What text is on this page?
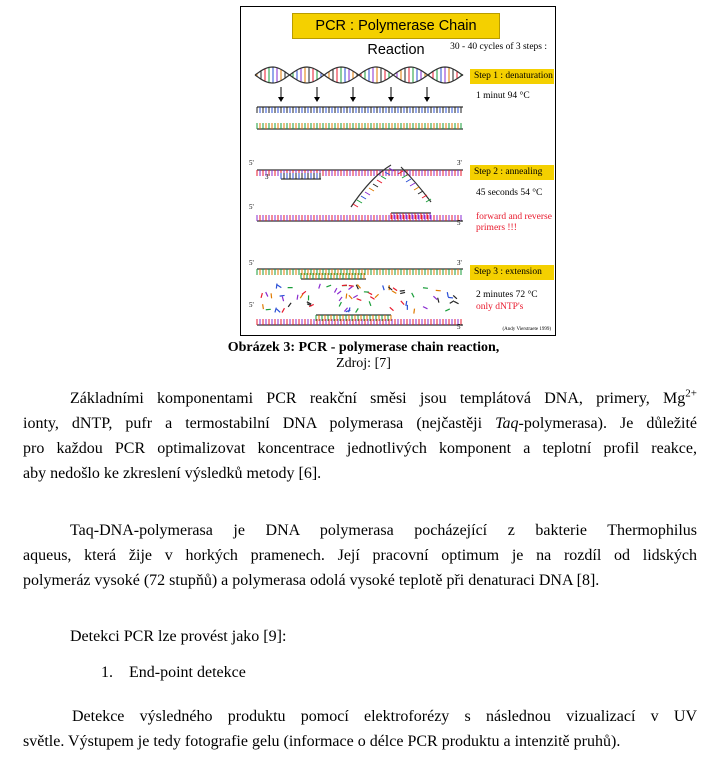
PCR : Polymerase Chain Reaction	30 - 40 cycles of 3 steps :
Step 1 : denaturation
1 minut 94 °C
Step 2 : annealing
45 seconds 54 °C
forward and reverse
primers !!!
Step 3 : extension
2 minutes 72 °C
only dNTP's
5'	3'
3'
5'
5'
5'	3'
5'
5'	(Andy Vierstraete 1999)
Obrázek 3: PCR - polymerase chain reaction,
Zdroj: [7]
Základními komponentami PCR reakční směsi jsou templátová DNA, primery, $Mg^{2+}$
ionty, dNTP, pufr a termostabilní DNA polymerasa (nejčastěji Taq-polymerasa). Je důležité
pro každou PCR optimalizovat koncentrace jednotlivých komponent a teplotní profil reakce,
aby nedošlo ke zkreslení výsledků metody [6].
Taq-DNA-polymerasa je DNA polymerasa pocházející z bakterie Thermophilus
aqueus, která žije v horkých pramenech. Její pracovní optimum je na rozdíl od lidských
polymeráz vysoké (72 stupňů) a polymerasa odolá vysoké teplotě při denaturaci DNA [8].
Detekci PCR lze provést jako [9]:
1. End-point detekce
Detekce výsledného produktu pomocí elektroforézy s následnou vizualizací v UV
světle. Výstupem je tedy fotografie gelu (informace o délce PCR produktu a intenzitě pruhů).
